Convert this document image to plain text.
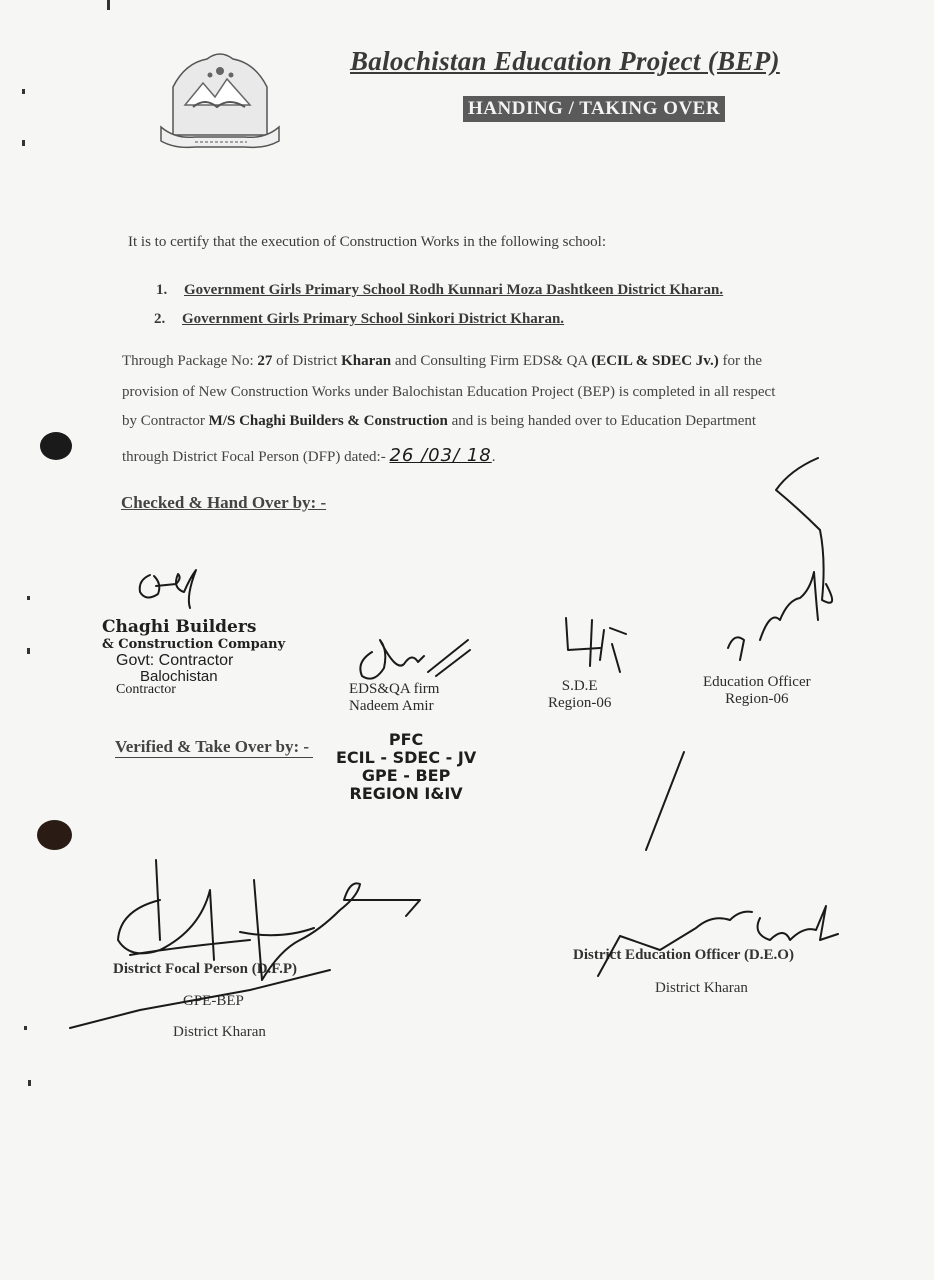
Balochistan Education Project (BEP)
HANDING / TAKING OVER
It is to certify that the execution of Construction Works in the following school:
1. Government Girls Primary School Rodh Kunnari Moza Dashtkeen District Kharan.
2. Government Girls Primary School Sinkori District Kharan.
Through Package No: 27 of District Kharan and Consulting Firm EDS& QA (ECIL & SDEC Jv.) for the
provision of New Construction Works under Balochistan Education Project (BEP) is completed in all respect
by Contractor M/S Chaghi Builders & Construction and is being handed over to Education Department
through District Focal Person (DFP) dated:- 26 /03/ 18.
Checked & Hand Over by: -
Chaghi Builders
& Construction Company
Govt: Contractor
Balochistan
Contractor	EDS&QA firm
Nadeem Amir
S.D.E
Region-06
Education Officer
Region-06
Verified & Take Over by: -	PFC
ECIL - SDEC - JV
GPE - BEP
REGION I&IV
District Focal Person (D.F.P)
GPE-BEP
District Kharan
District Education Officer (D.E.O)
District Kharan
